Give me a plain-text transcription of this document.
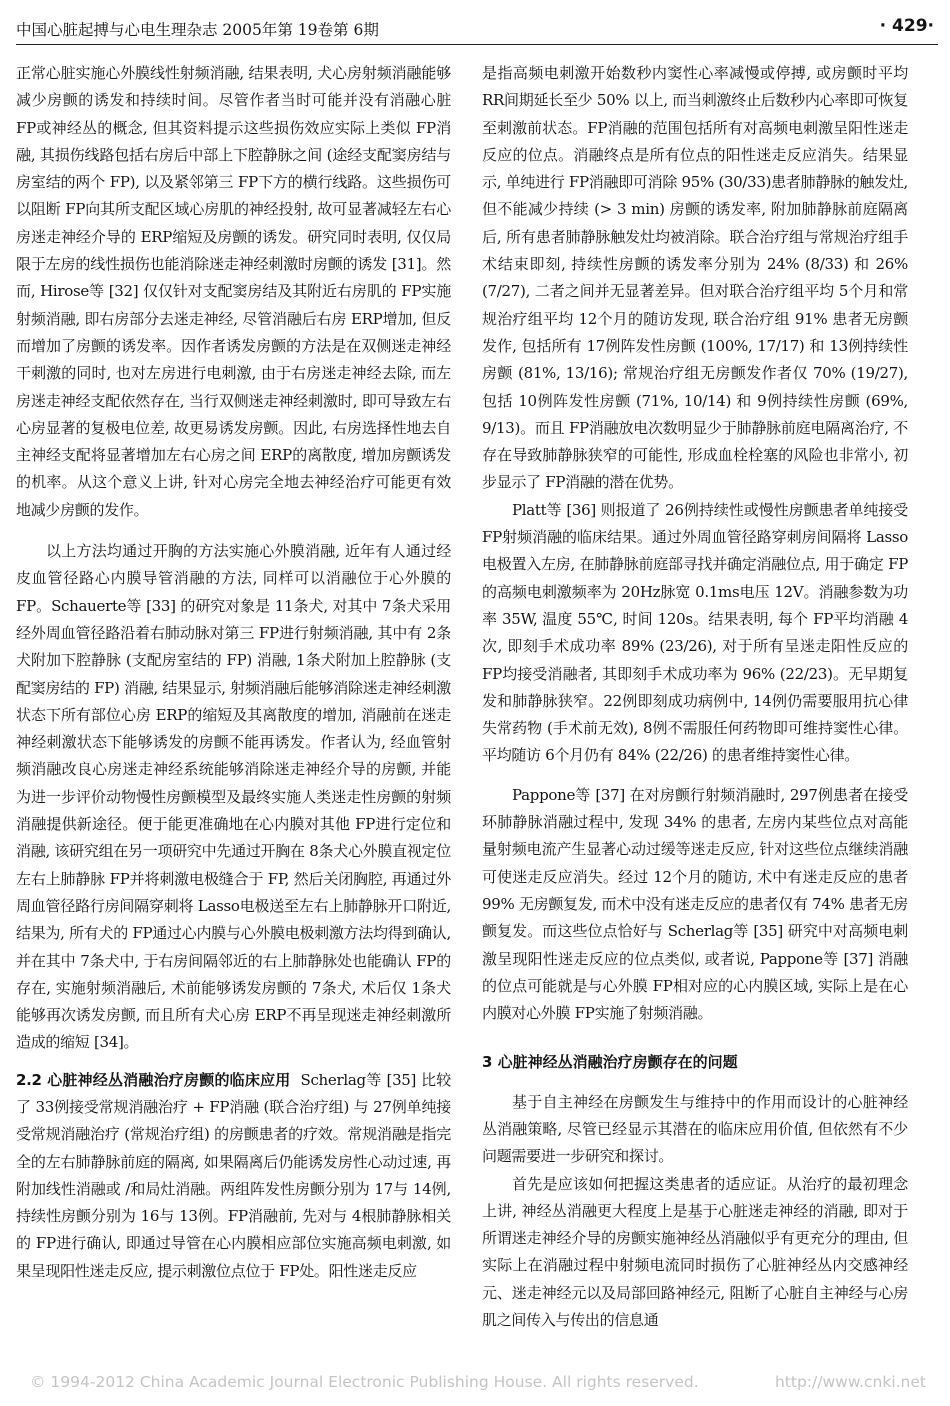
中国心脏起搏与心电生理杂志 2005年第 19卷第 6期	· 429·

正常心脏实施心外膜线性射频消融, 结果表明, 犬心房射频消融能够减少房颤的诱发和持续时间。尽管作者当时可能并没有消融心脏 FP或神经丛的概念, 但其资料提示这些损伤效应实际上类似 FP消融, 其损伤线路包括右房后中部上下腔静脉之间 (途经支配窦房结与房室结的两个 FP), 以及紧邻第三 FP下方的横行线路。这些损伤可以阻断 FP向其所支配区域心房肌的神经投射, 故可显著减轻左右心房迷走神经介导的 ERP缩短及房颤的诱发。研究同时表明, 仅仅局限于左房的线性损伤也能消除迷走神经刺激时房颤的诱发 [31]。然而, Hirose等 [32] 仅仅针对支配窦房结及其附近右房肌的 FP实施射频消融, 即右房部分去迷走神经, 尽管消融后右房 ERP增加, 但反而增加了房颤的诱发率。因作者诱发房颤的方法是在双侧迷走神经干刺激的同时, 也对左房进行电刺激, 由于右房迷走神经去除, 而左房迷走神经支配依然存在, 当行双侧迷走神经刺激时, 即可导致左右心房显著的复极电位差, 故更易诱发房颤。因此, 右房选择性地去自主神经支配将显著增加左右心房之间 ERP的离散度, 增加房颤诱发的机率。从这个意义上讲, 针对心房完全地去神经治疗可能更有效地减少房颤的发作。

以上方法均通过开胸的方法实施心外膜消融, 近年有人通过经皮血管径路心内膜导管消融的方法, 同样可以消融位于心外膜的 FP。Schauerte等 [33] 的研究对象是 11条犬, 对其中 7条犬采用经外周血管径路沿着右肺动脉对第三 FP进行射频消融, 其中有 2条犬附加下腔静脉 (支配房室结的 FP) 消融, 1条犬附加上腔静脉 (支配窦房结的 FP) 消融, 结果显示, 射频消融后能够消除迷走神经刺激状态下所有部位心房 ERP的缩短及其离散度的增加, 消融前在迷走神经刺激状态下能够诱发的房颤不能再诱发。作者认为, 经血管射频消融改良心房迷走神经系统能够消除迷走神经介导的房颤, 并能为进一步评价动物慢性房颤模型及最终实施人类迷走性房颤的射频消融提供新途径。便于能更准确地在心内膜对其他 FP进行定位和消融, 该研究组在另一项研究中先通过开胸在 8条犬心外膜直视定位左右上肺静脉 FP并将刺激电极缝合于 FP, 然后关闭胸腔, 再通过外周血管径路行房间隔穿刺将 Lasso电极送至左右上肺静脉开口附近, 结果为, 所有犬的 FP通过心内膜与心外膜电极刺激方法均得到确认, 并在其中 7条犬中, 于右房间隔邻近的右上肺静脉处也能确认 FP的存在, 实施射频消融后, 术前能够诱发房颤的 7条犬, 术后仅 1条犬能够再次诱发房颤, 而且所有犬心房 ERP不再呈现迷走神经刺激所造成的缩短 [34]。

2.2 心脏神经丛消融治疗房颤的临床应用 Scherlag等 [35] 比较了 33例接受常规消融治疗 + FP消融 (联合治疗组) 与 27例单纯接受常规消融治疗 (常规治疗组) 的房颤患者的疗效。常规消融是指完全的左右肺静脉前庭的隔离, 如果隔离后仍能诱发房性心动过速, 再附加线性消融或 /和局灶消融。两组阵发性房颤分别为 17与 14例, 持续性房颤分别为 16与 13例。FP消融前, 先对与 4根肺静脉相关的 FP进行确认, 即通过导管在心内膜相应部位实施高频电刺激, 如果呈现阳性迷走反应, 提示刺激位点位于 FP处。阳性迷走反应

是指高频电刺激开始数秒内窦性心率减慢或停搏, 或房颤时平均 RR间期延长至少 50% 以上, 而当刺激终止后数秒内心率即可恢复至刺激前状态。FP消融的范围包括所有对高频电刺激呈阳性迷走反应的位点。消融终点是所有位点的阳性迷走反应消失。结果显示, 单纯进行 FP消融即可消除 95% (30/33)患者肺静脉的触发灶, 但不能减少持续 (> 3 min) 房颤的诱发率, 附加肺静脉前庭隔离后, 所有患者肺静脉触发灶均被消除。联合治疗组与常规治疗组手术结束即刻, 持续性房颤的诱发率分别为 24% (8/33) 和 26% (7/27), 二者之间并无显著差异。但对联合治疗组平均 5个月和常规治疗组平均 12个月的随访发现, 联合治疗组 91% 患者无房颤发作, 包括所有 17例阵发性房颤 (100%, 17/17) 和 13例持续性房颤 (81%, 13/16); 常规治疗组无房颤发作者仅 70% (19/27), 包括 10例阵发性房颤 (71%, 10/14) 和 9例持续性房颤 (69%, 9/13)。而且 FP消融放电次数明显少于肺静脉前庭电隔离治疗, 不存在导致肺静脉狭窄的可能性, 形成血栓栓塞的风险也非常小, 初步显示了 FP消融的潜在优势。

Platt等 [36] 则报道了 26例持续性或慢性房颤患者单纯接受 FP射频消融的临床结果。通过外周血管径路穿刺房间隔将 Lasso电极置入左房, 在肺静脉前庭部寻找并确定消融位点, 用于确定 FP的高频电刺激频率为 20Hz脉宽 0.1ms电压 12V。消融参数为功率 35W, 温度 55℃, 时间 120s。结果表明, 每个 FP平均消融 4次, 即刻手术成功率 89% (23/26), 对于所有呈迷走阳性反应的 FP均接受消融者, 其即刻手术成功率为 96% (22/23)。无早期复发和肺静脉狭窄。22例即刻成功病例中, 14例仍需要服用抗心律失常药物 (手术前无效), 8例不需服任何药物即可维持窦性心律。平均随访 6个月仍有 84% (22/26) 的患者维持窦性心律。

Pappone等 [37] 在对房颤行射频消融时, 297例患者在接受环肺静脉消融过程中, 发现 34% 的患者, 左房内某些位点对高能量射频电流产生显著心动过缓等迷走反应, 针对这些位点继续消融可使迷走反应消失。经过 12个月的随访, 术中有迷走反应的患者 99% 无房颤复发, 而术中没有迷走反应的患者仅有 74% 患者无房颤复发。而这些位点恰好与 Scherlag等 [35] 研究中对高频电刺激呈现阳性迷走反应的位点类似, 或者说, Pappone等 [37] 消融的位点可能就是与心外膜 FP相对应的心内膜区域, 实际上是在心内膜对心外膜 FP实施了射频消融。

3 心脏神经丛消融治疗房颤存在的问题

基于自主神经在房颤发生与维持中的作用而设计的心脏神经丛消融策略, 尽管已经显示其潜在的临床应用价值, 但依然有不少问题需要进一步研究和探讨。

首先是应该如何把握这类患者的适应证。从治疗的最初理念上讲, 神经丛消融更大程度上是基于心脏迷走神经的消融, 即对于所谓迷走神经介导的房颤实施神经丛消融似乎有更充分的理由, 但实际上在消融过程中射频电流同时损伤了心脏神经丛内交感神经元、迷走神经元以及局部回路神经元, 阻断了心脏自主神经与心房肌之间传入与传出的信息通

© 1994-2012 China Academic Journal Electronic Publishing House. All rights reserved.	http://www.cnki.net
